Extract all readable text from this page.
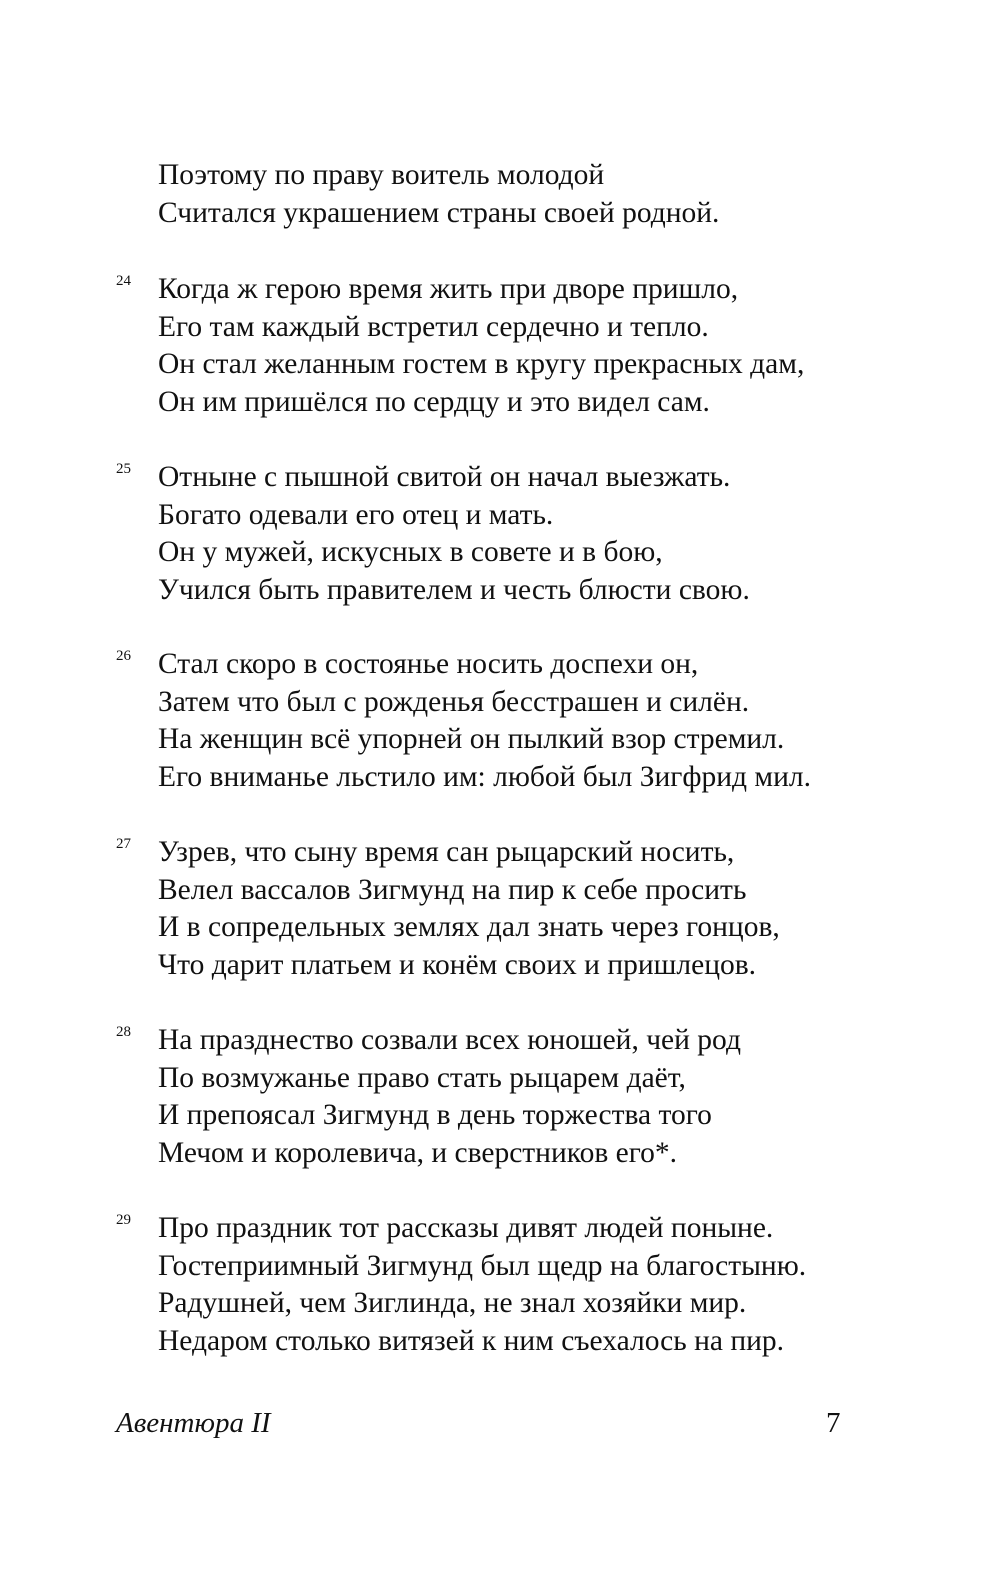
Поэтому по праву воитель молодой
Считался украшением страны своей родной.
24 Когда ж герою время жить при дворе пришло,
Его там каждый встретил сердечно и тепло.
Он стал желанным гостем в кругу прекрасных дам,
Он им пришёлся по сердцу и это видел сам.
25 Отныне с пышной свитой он начал выезжать.
Богато одевали его отец и мать.
Он у мужей, искусных в совете и в бою,
Учился быть правителем и честь блюсти свою.
26 Стал скоро в состоянье носить доспехи он,
Затем что был с рожденья бесстрашен и силён.
На женщин всё упорней он пылкий взор стремил.
Его вниманье льстило им: любой был Зигфрид мил.
27 Узрев, что сыну время сан рыцарский носить,
Велел вассалов Зигмунд на пир к себе просить
И в сопредельных землях дал знать через гонцов,
Что дарит платьем и конём своих и пришлецов.
28 На празднество созвали всех юношей, чей род
По возмужанье право стать рыцарем даёт,
И препоясал Зигмунд в день торжества того
Мечом и королевича, и сверстников его*.
29 Про праздник тот рассказы дивят людей поныне.
Гостеприимный Зигмунд был щедр на благостыню.
Радушней, чем Зиглинда, не знал хозяйки мир.
Недаром столько витязей к ним съехалось на пир.
Авентюра II	7
